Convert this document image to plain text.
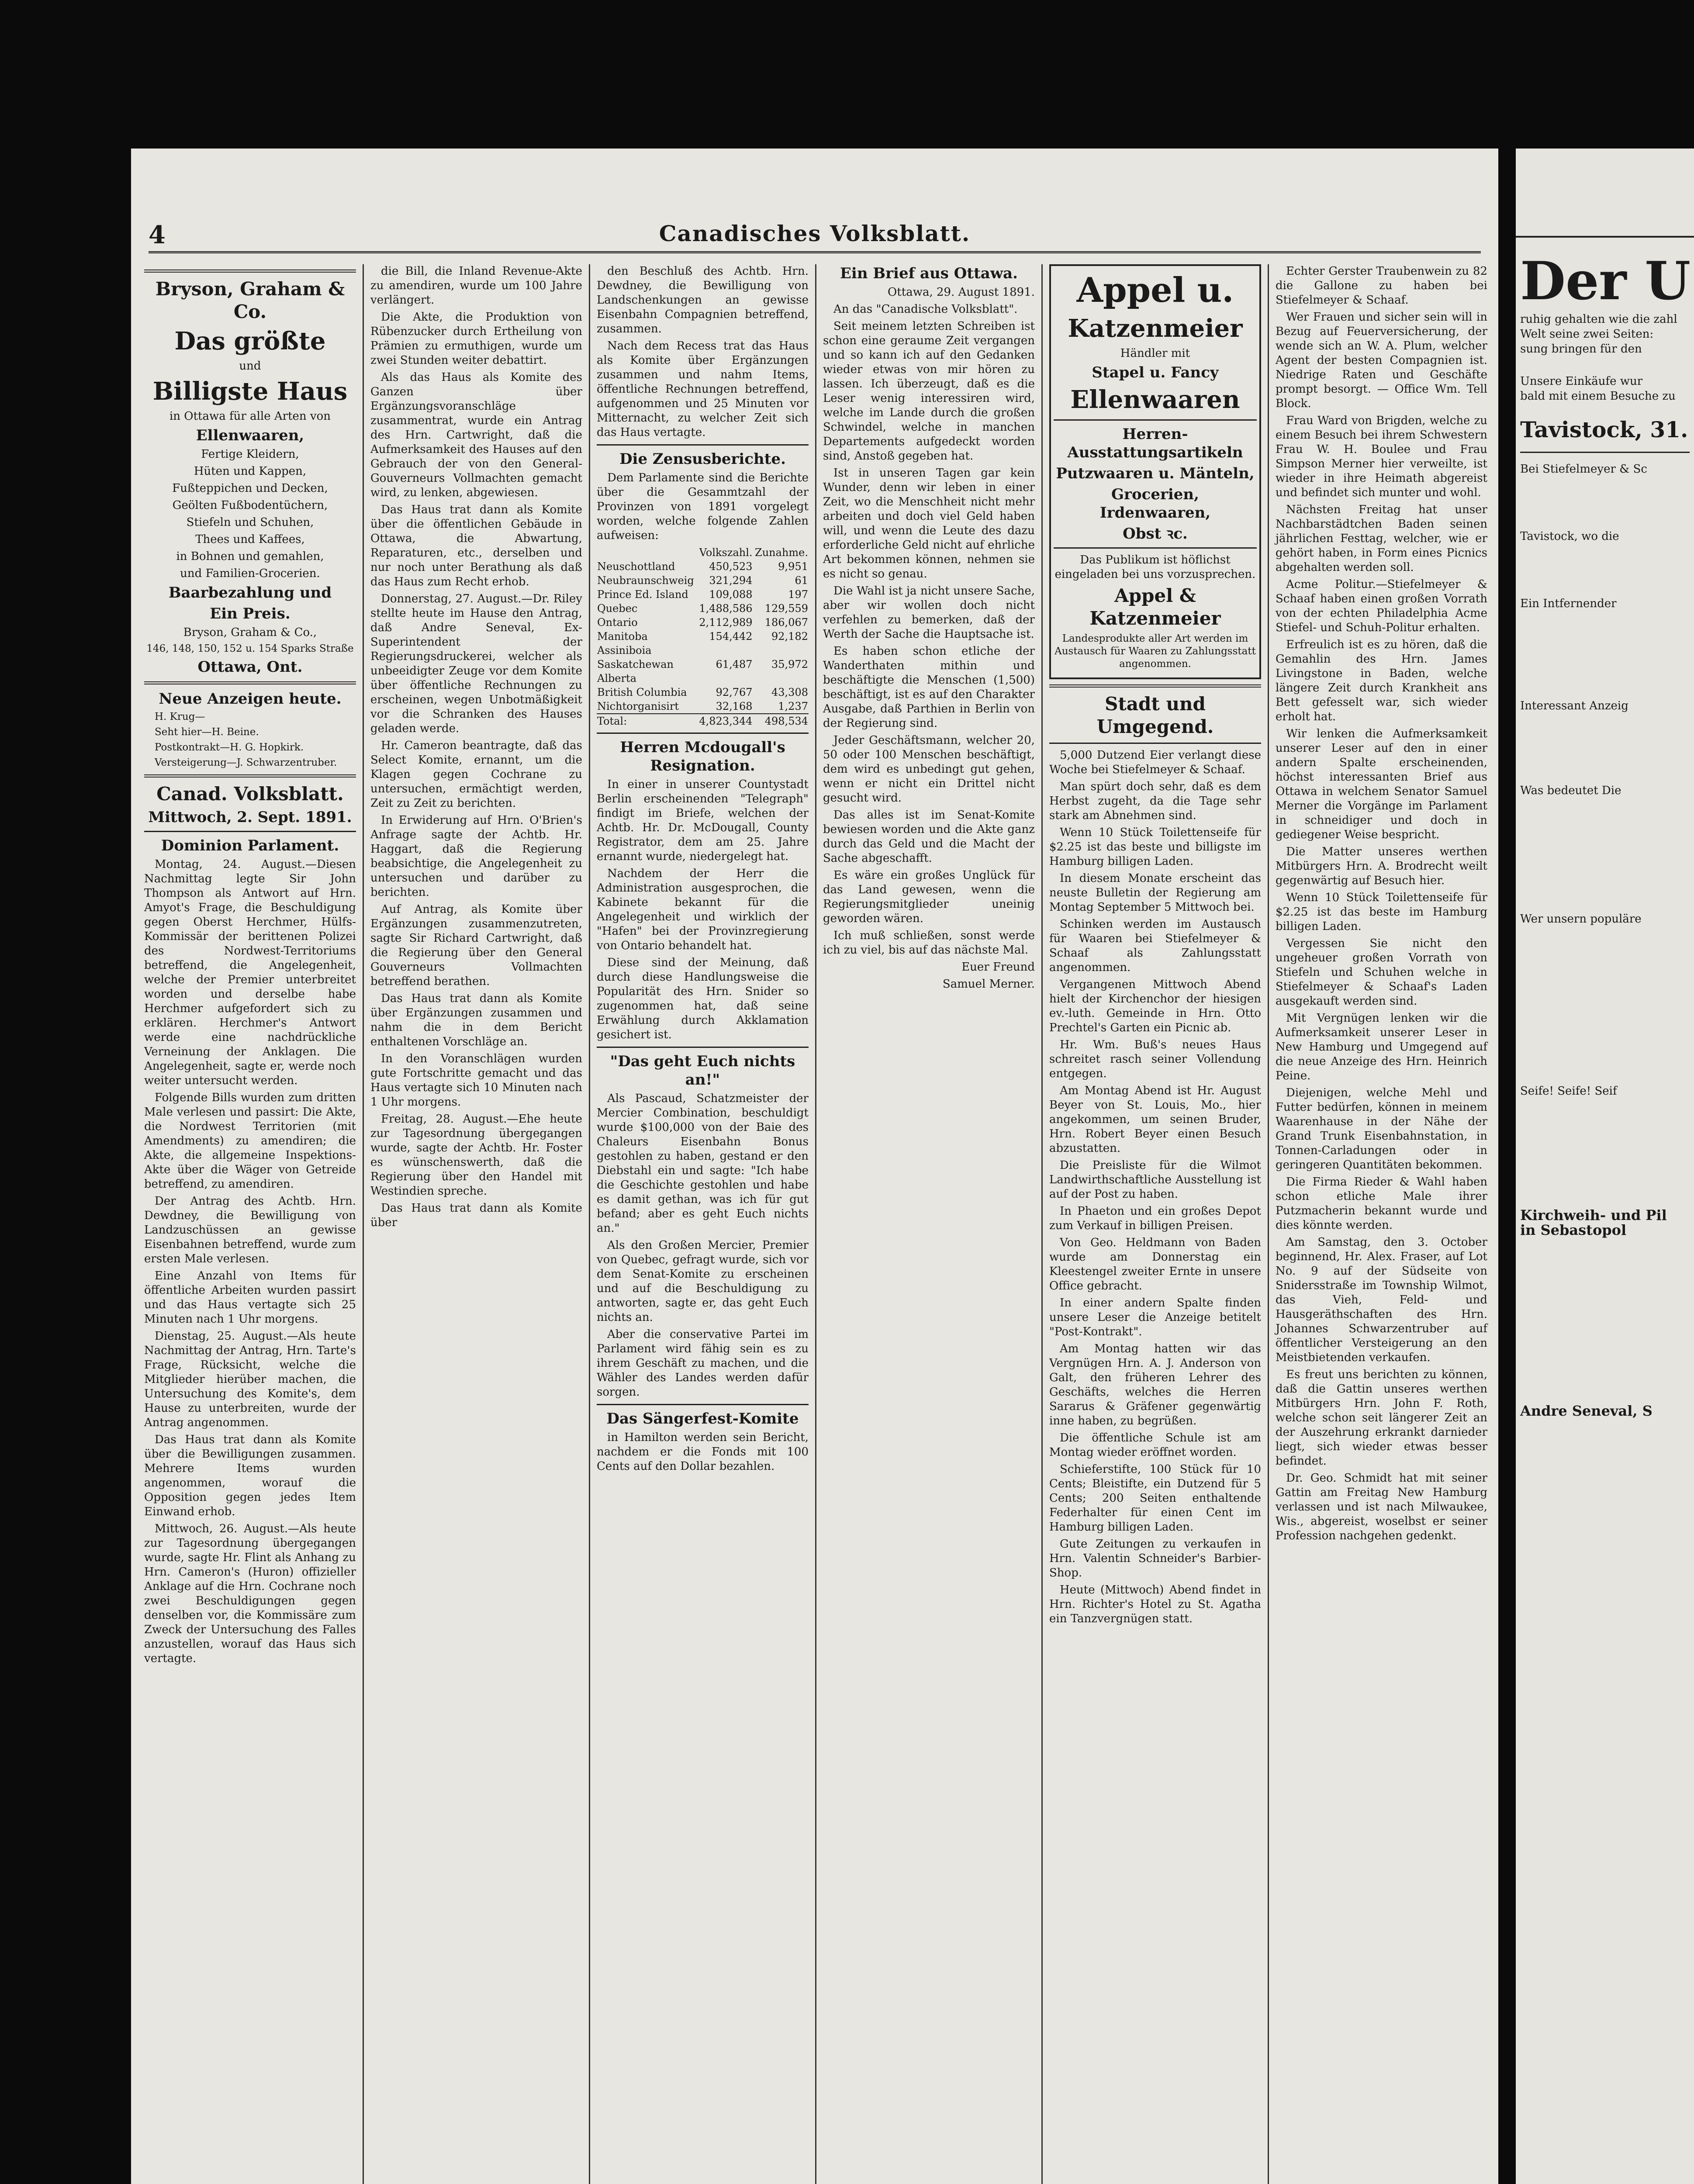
4	Canadisches Volksblatt.

Bryson, Graham & Co.

Das größte

und

Billigste Haus

in Ottawa für alle Arten von

Ellenwaaren,

Fertige Kleidern,

Hüten und Kappen,

Fußteppichen und Decken,

Geölten Fußbodentüchern,

Stiefeln und Schuhen,

Thees und Kaffees,

in Bohnen und gemahlen,

und Familien-Grocerien.

Baarbezahlung und

Ein Preis.

Bryson, Graham & Co.,

146, 148, 150, 152 u. 154 Sparks Straße

Ottawa, Ont.

Neue Anzeigen heute.

H. Krug—

Seht hier—H. Beine.

Postkontrakt—H. G. Hopkirk.

Versteigerung—J. Schwarzentruber.

Canad. Volksblatt.

Mittwoch, 2. Sept. 1891.

Dominion Parlament.

Montag, 24. August.—Diesen Nachmittag legte Sir John Thompson als Antwort auf Hrn. Amyot's Frage, die Beschuldigung gegen Oberst Herchmer, Hülfs-Kommissär der berittenen Polizei des Nordwest-Territoriums betreffend, die Angelegenheit, welche der Premier unterbreitet worden und derselbe habe Herchmer aufgefordert sich zu erklären. Herchmer's Antwort werde eine nachdrückliche Verneinung der Anklagen. Die Angelegenheit, sagte er, werde noch weiter untersucht werden.

Folgende Bills wurden zum dritten Male verlesen und passirt: Die Akte, die Nordwest Territorien (mit Amendments) zu amendiren; die Akte, die allgemeine Inspektions-Akte über die Wäger von Getreide betreffend, zu amendiren.

Der Antrag des Achtb. Hrn. Dewdney, die Bewilligung von Landzuschüssen an gewisse Eisenbahnen betreffend, wurde zum ersten Male verlesen.

Eine Anzahl von Items für öffentliche Arbeiten wurden passirt und das Haus vertagte sich 25 Minuten nach 1 Uhr morgens.

Dienstag, 25. August.—Als heute Nachmittag der Antrag, Hrn. Tarte's Frage, Rücksicht, welche die Mitglieder hierüber machen, die Untersuchung des Komite's, dem Hause zu unterbreiten, wurde der Antrag angenommen.

Das Haus trat dann als Komite über die Bewilligungen zusammen. Mehrere Items wurden angenommen, worauf die Opposition gegen jedes Item Einwand erhob.

Mittwoch, 26. August.—Als heute zur Tagesordnung übergegangen wurde, sagte Hr. Flint als Anhang zu Hrn. Cameron's (Huron) offizieller Anklage auf die Hrn. Cochrane noch zwei Beschuldigungen gegen denselben vor, die Kommissäre zum Zweck der Untersuchung des Falles anzustellen, worauf das Haus sich vertagte.

die Bill, die Inland Revenue-Akte zu amendiren, wurde um 100 Jahre verlängert.

Die Akte, die Produktion von Rübenzucker durch Ertheilung von Prämien zu ermuthigen, wurde um zwei Stunden weiter debattirt.

Als das Haus als Komite des Ganzen über Ergänzungsvoranschläge zusammentrat, wurde ein Antrag des Hrn. Cartwright, daß die Aufmerksamkeit des Hauses auf den Gebrauch der von den General-Gouverneurs Vollmachten gemacht wird, zu lenken, abgewiesen.

Das Haus trat dann als Komite über die öffentlichen Gebäude in Ottawa, die Abwartung, Reparaturen, etc., derselben und nur noch unter Berathung als daß das Haus zum Recht erhob.

Donnerstag, 27. August.—Dr. Riley stellte heute im Hause den Antrag, daß Andre Seneval, Ex-Superintendent der Regierungsdruckerei, welcher als unbeeidigter Zeuge vor dem Komite über öffentliche Rechnungen zu erscheinen, wegen Unbotmäßigkeit vor die Schranken des Hauses geladen werde.

Hr. Cameron beantragte, daß das Select Komite, ernannt, um die Klagen gegen Cochrane zu untersuchen, ermächtigt werden, Zeit zu Zeit zu berichten.

In Erwiderung auf Hrn. O'Brien's Anfrage sagte der Achtb. Hr. Haggart, daß die Regierung beabsichtige, die Angelegenheit zu untersuchen und darüber zu berichten.

Auf Antrag, als Komite über Ergänzungen zusammenzutreten, sagte Sir Richard Cartwright, daß die Regierung über den General Gouverneurs Vollmachten betreffend berathen.

Das Haus trat dann als Komite über Ergänzungen zusammen und nahm die in dem Bericht enthaltenen Vorschläge an.

In den Voranschlägen wurden gute Fortschritte gemacht und das Haus vertagte sich 10 Minuten nach 1 Uhr morgens.

Freitag, 28. August.—Ehe heute zur Tagesordnung übergegangen wurde, sagte der Achtb. Hr. Foster es wünschenswerth, daß die Regierung über den Handel mit Westindien spreche.

Das Haus trat dann als Komite über

den Beschluß des Achtb. Hrn. Dewdney, die Bewilligung von Landschenkungen an gewisse Eisenbahn Compagnien betreffend, zusammen.

Nach dem Recess trat das Haus als Komite über Ergänzungen zusammen und nahm Items, öffentliche Rechnungen betreffend, aufgenommen und 25 Minuten vor Mitternacht, zu welcher Zeit sich das Haus vertagte.

Die Zensusberichte.

Dem Parlamente sind die Berichte über die Gesammtzahl der Provinzen von 1891 vorgelegt worden, welche folgende Zahlen aufweisen:

	Volkszahl.	Zunahme.
Neuschottland	450,523	9,951
Neubraunschweig	321,294	61
Prince Ed. Island	109,088	197
Quebec	1,488,586	129,559
Ontario	2,112,989	186,067
Manitoba	154,442	92,182
Assiniboia		
Saskatchewan	61,487	35,972
Alberta		
British Columbia	92,767	43,308
Nichtorganisirt	32,168	1,237
Total:	4,823,344	498,534

Herren Mcdougall's Resignation.

In einer in unserer Countystadt Berlin erscheinenden "Telegraph" findigt im Briefe, welchen der Achtb. Hr. Dr. McDougall, County Registrator, dem am 25. Jahre ernannt wurde, niedergelegt hat.

Nachdem der Herr die Administration ausgesprochen, die Kabinete bekannt für die Angelegenheit und wirklich der "Hafen" bei der Provinzregierung von Ontario behandelt hat.

Diese sind der Meinung, daß durch diese Handlungsweise die Popularität des Hrn. Snider so zugenommen hat, daß seine Erwählung durch Akklamation gesichert ist.

"Das geht Euch nichts an!"

Als Pascaud, Schatzmeister der Mercier Combination, beschuldigt wurde $100,000 von der Baie des Chaleurs Eisenbahn Bonus gestohlen zu haben, gestand er den Diebstahl ein und sagte: "Ich habe die Geschichte gestohlen und habe es damit gethan, was ich für gut befand; aber es geht Euch nichts an."

Als den Großen Mercier, Premier von Quebec, gefragt wurde, sich vor dem Senat-Komite zu erscheinen und auf die Beschuldigung zu antworten, sagte er, das geht Euch nichts an.

Aber die conservative Partei im Parlament wird fähig sein es zu ihrem Geschäft zu machen, und die Wähler des Landes werden dafür sorgen.

Das Sängerfest-Komite

in Hamilton werden sein Bericht, nachdem er die Fonds mit 100 Cents auf den Dollar bezahlen.

Ein Brief aus Ottawa.

Ottawa, 29. August 1891.

An das "Canadische Volksblatt".

Seit meinem letzten Schreiben ist schon eine geraume Zeit vergangen und so kann ich auf den Gedanken wieder etwas von mir hören zu lassen. Ich überzeugt, daß es die Leser wenig interessiren wird, welche im Lande durch die großen Schwindel, welche in manchen Departements aufgedeckt worden sind, Anstoß gegeben hat.

Ist in unseren Tagen gar kein Wunder, denn wir leben in einer Zeit, wo die Menschheit nicht mehr arbeiten und doch viel Geld haben will, und wenn die Leute des dazu erforderliche Geld nicht auf ehrliche Art bekommen können, nehmen sie es nicht so genau.

Die Wahl ist ja nicht unsere Sache, aber wir wollen doch nicht verfehlen zu bemerken, daß der Werth der Sache die Hauptsache ist.

Es haben schon etliche der Wanderthaten mithin und beschäftigte die Menschen (1,500) beschäftigt, ist es auf den Charakter Ausgabe, daß Parthien in Berlin von der Regierung sind.

Jeder Geschäftsmann, welcher 20, 50 oder 100 Menschen beschäftigt, dem wird es unbedingt gut gehen, wenn er nicht ein Drittel nicht gesucht wird.

Das alles ist im Senat-Komite bewiesen worden und die Akte ganz durch das Geld und die Macht der Sache abgeschafft.

Es wäre ein großes Unglück für das Land gewesen, wenn die Regierungsmitglieder uneinig geworden wären.

Ich muß schließen, sonst werde ich zu viel, bis auf das nächste Mal.

Euer Freund

Samuel Merner.

Appel u.

Katzenmeier

Händler mit

Stapel u. Fancy

Ellenwaaren

Herren-Ausstattungsartikeln

Putzwaaren u. Mänteln,

Grocerien, Irdenwaaren,

Obst ꝛc.

Das Publikum ist höflichst eingeladen bei uns vorzusprechen.

Appel & Katzenmeier

Landesprodukte aller Art werden im Austausch für Waaren zu Zahlungsstatt angenommen.

Stadt und Umgegend.

5,000 Dutzend Eier verlangt diese Woche bei Stiefelmeyer & Schaaf.

Man spürt doch sehr, daß es dem Herbst zugeht, da die Tage sehr stark am Abnehmen sind.

Wenn 10 Stück Toilettenseife für $2.25 ist das beste und billigste im Hamburg billigen Laden.

In diesem Monate erscheint das neuste Bulletin der Regierung am Montag September 5 Mittwoch bei.

Schinken werden im Austausch für Waaren bei Stiefelmeyer & Schaaf als Zahlungsstatt angenommen.

Vergangenen Mittwoch Abend hielt der Kirchenchor der hiesigen ev.-luth. Gemeinde in Hrn. Otto Prechtel's Garten ein Picnic ab.

Hr. Wm. Buß's neues Haus schreitet rasch seiner Vollendung entgegen.

Am Montag Abend ist Hr. August Beyer von St. Louis, Mo., hier angekommen, um seinen Bruder, Hrn. Robert Beyer einen Besuch abzustatten.

Die Preisliste für die Wilmot Landwirthschaftliche Ausstellung ist auf der Post zu haben.

In Phaeton und ein großes Depot zum Verkauf in billigen Preisen.

Von Geo. Heldmann von Baden wurde am Donnerstag ein Kleestengel zweiter Ernte in unsere Office gebracht.

In einer andern Spalte finden unsere Leser die Anzeige betitelt "Post-Kontrakt".

Am Montag hatten wir das Vergnügen Hrn. A. J. Anderson von Galt, den früheren Lehrer des Geschäfts, welches die Herren Sararus & Gräfener gegenwärtig inne haben, zu begrüßen.

Die öffentliche Schule ist am Montag wieder eröffnet worden.

Schieferstifte, 100 Stück für 10 Cents; Bleistifte, ein Dutzend für 5 Cents; 200 Seiten enthaltende Federhalter für einen Cent im Hamburg billigen Laden.

Gute Zeitungen zu verkaufen in Hrn. Valentin Schneider's Barbier-Shop.

Heute (Mittwoch) Abend findet in Hrn. Richter's Hotel zu St. Agatha ein Tanzvergnügen statt.

Echter Gerster Traubenwein zu 82 die Gallone zu haben bei Stiefelmeyer & Schaaf.

Wer Frauen und sicher sein will in Bezug auf Feuerversicherung, der wende sich an W. A. Plum, welcher Agent der besten Compagnien ist. Niedrige Raten und Geschäfte prompt besorgt. — Office Wm. Tell Block.

Frau Ward von Brigden, welche zu einem Besuch bei ihrem Schwestern Frau W. H. Boulee und Frau Simpson Merner hier verweilte, ist wieder in ihre Heimath abgereist und befindet sich munter und wohl.

Nächsten Freitag hat unser Nachbarstädtchen Baden seinen jährlichen Festtag, welcher, wie er gehört haben, in Form eines Picnics abgehalten werden soll.

Acme Politur.—Stiefelmeyer & Schaaf haben einen großen Vorrath von der echten Philadelphia Acme Stiefel- und Schuh-Politur erhalten.

Erfreulich ist es zu hören, daß die Gemahlin des Hrn. James Livingstone in Baden, welche längere Zeit durch Krankheit ans Bett gefesselt war, sich wieder erholt hat.

Wir lenken die Aufmerksamkeit unserer Leser auf den in einer andern Spalte erscheinenden, höchst interessanten Brief aus Ottawa in welchem Senator Samuel Merner die Vorgänge im Parlament in schneidiger und doch in gediegener Weise bespricht.

Die Matter unseres werthen Mitbürgers Hrn. A. Brodrecht weilt gegenwärtig auf Besuch hier.

Wenn 10 Stück Toilettenseife für $2.25 ist das beste im Hamburg billigen Laden.

Vergessen Sie nicht den ungeheuer großen Vorrath von Stiefeln und Schuhen welche in Stiefelmeyer & Schaaf's Laden ausgekauft werden sind.

Mit Vergnügen lenken wir die Aufmerksamkeit unserer Leser in New Hamburg und Umgegend auf die neue Anzeige des Hrn. Heinrich Peine.

Diejenigen, welche Mehl und Futter bedürfen, können in meinem Waarenhause in der Nähe der Grand Trunk Eisenbahnstation, in Tonnen-Carladungen oder in geringeren Quantitäten bekommen.

Die Firma Rieder & Wahl haben schon etliche Male ihrer Putzmacherin bekannt wurde und dies könnte werden.

Am Samstag, den 3. October beginnend, Hr. Alex. Fraser, auf Lot No. 9 auf der Südseite von Snidersstraße im Township Wilmot, das Vieh, Feld- und Hausgeräthschaften des Hrn. Johannes Schwarzentruber auf öffentlicher Versteigerung an den Meistbietenden verkaufen.

Es freut uns berichten zu können, daß die Gattin unseres werthen Mitbürgers Hrn. John F. Roth, welche schon seit längerer Zeit an der Auszehrung erkrankt darnieder liegt, sich wieder etwas besser befindet.

Dr. Geo. Schmidt hat mit seiner Gattin am Freitag New Hamburg verlassen und ist nach Milwaukee, Wis., abgereist, woselbst er seiner Profession nachgehen gedenkt.

Der U
ruhig gehalten wie die zahl
Welt seine zwei Seiten:
sung bringen für den
Unsere Einkäufe wur
bald mit einem Besuche zu
Tavistock, 31.
Bei Stiefelmeyer & Sc
Tavistock, wo die
Ein Intfernender
Interessant Anzeig
Was bedeutet Die
Wer unsern populäre
Seife! Seife! Seif
Kirchweih- und Pil
in Sebastopol
Andre Seneval, S
